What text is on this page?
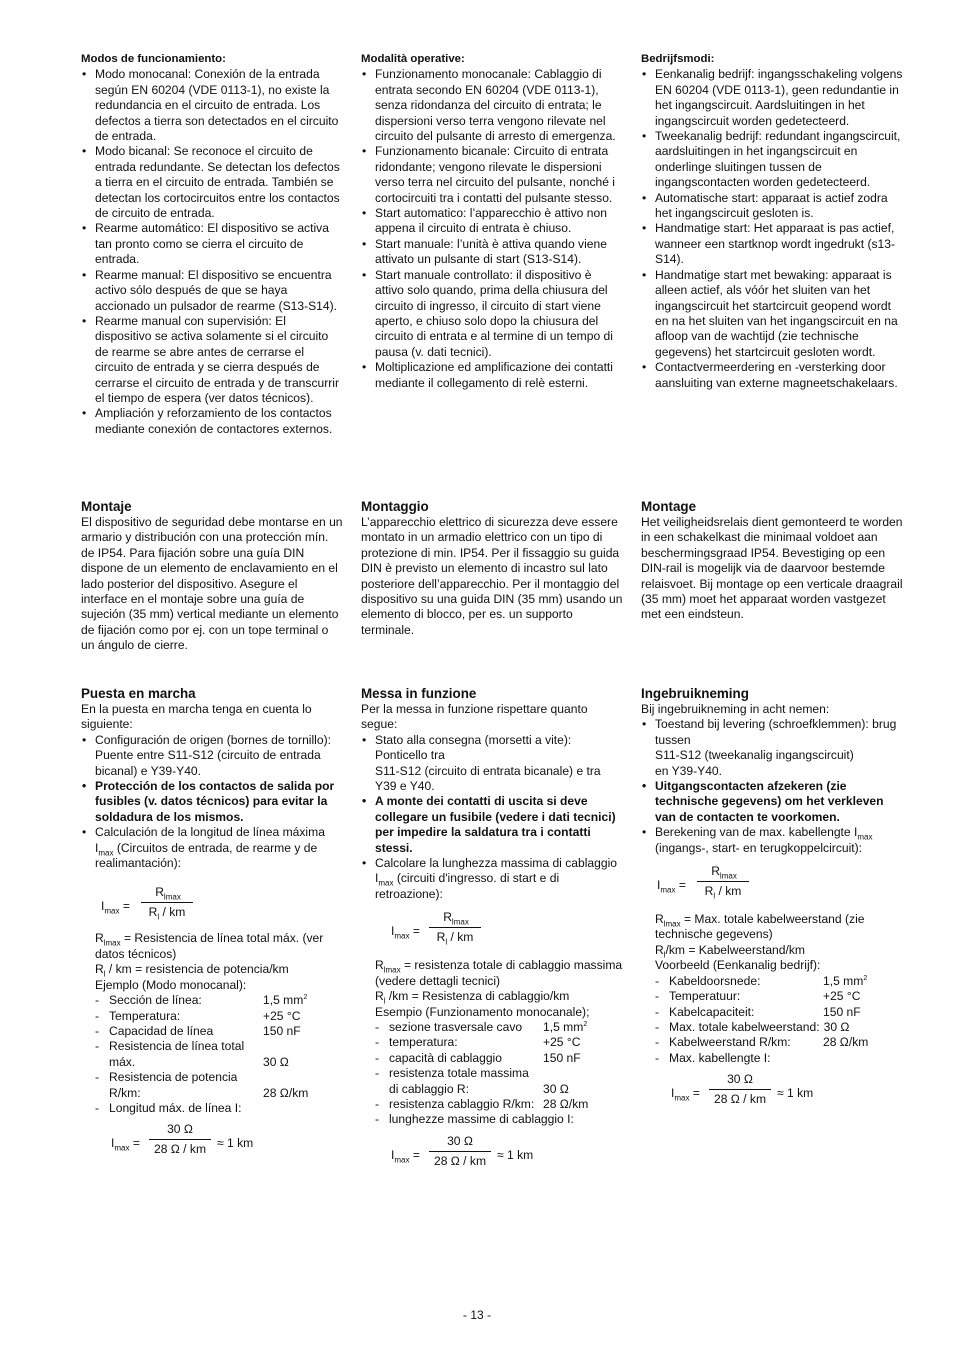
Modos de funcionamiento:

• Modo monocanal: Conexión de la entrada según EN 60204 (VDE 0113-1), no existe la redundancia en el circuito de entrada. Los defectos a tierra son detectados en el circuito de entrada.
• Modo bicanal: Se reconoce el circuito de entrada redundante. Se detectan los defectos a tierra en el circuito de entrada. También se detectan los cortocircuitos entre los contactos de circuito de entrada.
• Rearme automático: El dispositivo se activa tan pronto como se cierra el circuito de entrada.
• Rearme manual: El dispositivo se encuentra activo sólo después de que se haya accionado un pulsador de rearme (S13-S14).
• Rearme manual con supervisión: El dispositivo se activa solamente si el circuito de rearme se abre antes de cerrarse el circuito de entrada y se cierra después de cerrarse el circuito de entrada y de transcurrir el tiempo de espera (ver datos técnicos).
• Ampliación y reforzamiento de los contactos mediante conexión de contactores externos.

Montaje

El dispositivo de seguridad debe montarse en un armario y distribución con una protección mín. de IP54. Para fijación sobre una guía DIN dispone de un elemento de enclavamiento en el lado posterior del dispositivo. Asegure el interface en el montaje sobre una guía de sujeción (35 mm) vertical mediante un elemento de fijación como por ej. con un tope terminal o un ángulo de cierre.

Puesta en marcha

En la puesta en marcha tenga en cuenta lo siguiente:

• Configuración de origen (bornes de tornillo): Puente entre S11-S12 (circuito de entrada bicanal) e Y39-Y40.
• Protección de los contactos de salida por fusibles (v. datos técnicos) para evitar la soldadura de los mismos.
• Calculación de la longitud de línea máxima $I_{max}$ (Circuitos de entrada, de rearme y de realimantación):
$I_{max}$ =
$R_{lmax}$
$R_l$ / km

$R_{lmax}$ = Resistencia de línea total máx. (ver datos técnicos)

$R_l$ / km = resistencia de potencia/km

Ejemplo (Modo monocanal):

- Sección de línea:	1,5 $mm^2$
- Temperatura:	+25 °C
- Capacidad de línea	150 nF
- Resistencia de línea total
máx.	30 Ω
- Resistencia de potencia
R/km:	28 Ω/km
- Longitud máx. de línea I:
$I_{max}$ =
30 Ω
28 Ω / km ≈ 1 km

Modalità operative:

• Funzionamento monocanale: Cablaggio di entrata secondo EN 60204 (VDE 0113-1), senza ridondanza del circuito di entrata; le dispersioni verso terra vengono rilevate nel circuito del pulsante di arresto di emergenza.
• Funzionamento bicanale: Circuito di entrata ridondante; vengono rilevate le dispersioni verso terra nel circuito del pulsante, nonché i cortocircuiti tra i contatti del pulsante stesso.
• Start automatico: l’apparecchio è attivo non appena il circuito di entrata è chiuso.
• Start manuale: l’unità è attiva quando viene attivato un pulsante di start (S13-S14).
• Start manuale controllato: il dispositivo è attivo solo quando, prima della chiusura del circuito di ingresso, il circuito di start viene aperto, e chiuso solo dopo la chiusura del circuito di entrata e al termine di un tempo di pausa (v. dati tecnici).
• Moltiplicazione ed amplificazione dei contatti mediante il collegamento di relè esterni.

Montaggio

L’apparecchio elettrico di sicurezza deve essere montato in un armadio elettrico con un tipo di protezione di min. IP54. Per il fissaggio su guida DIN è previsto un elemento di incastro sul lato posteriore dell’apparecchio. Per il montaggio del dispositivo su una guida DIN (35 mm) usando un elemento di blocco, per es. un supporto terminale.

Messa in funzione

Per la messa in funzione rispettare quanto segue:

• Stato alla consegna (morsetti a vite): Ponticello tra
S11-S12 (circuito di entrata bicanale) e tra Y39 e Y40.
• A monte dei contatti di uscita si deve collegare un fusibile (vedere i dati tecnici) per impedire la saldatura tra i contatti stessi.
• Calcolare la lunghezza massima di cablaggio $I_{max}$ (circuiti d'ingresso. di start e di retroazione):
$I_{max}$ =
$R_{lmax}$
$R_l$ / km

$R_{lmax}$ = resistenza totale di cablaggio massima (vedere dettagli tecnici)

$R_l$ /km = Resistenza di cablaggio/km

Esempio (Funzionamento monocanale);

- sezione trasversale cavo	1,5 $mm^2$
- temperatura:	+25 °C
- capacità di cablaggio	150 nF
- resistenza totale massima
di cablaggio R:	30 Ω
- resistenza cablaggio R/km: 28 Ω/km
- lunghezze massime di cablaggio I:
$I_{max}$ =
30 Ω
28 Ω / km ≈ 1 km

Bedrijfsmodi:

• Eenkanalig bedrijf: ingangsschakeling volgens EN 60204 (VDE 0113-1), geen redundantie in het ingangscircuit. Aardsluitingen in het ingangscircuit worden gedetecteerd.
• Tweekanalig bedrijf: redundant ingangscircuit, aardsluitingen in het ingangscircuit en onderlinge sluitingen tussen de ingangscontacten worden gedetecteerd.
• Automatische start: apparaat is actief zodra het ingangscircuit gesloten is.
• Handmatige start: Het apparaat is pas actief, wanneer een startknop wordt ingedrukt (s13-S14).
• Handmatige start met bewaking: apparaat is alleen actief, als vóór het sluiten van het ingangscircuit het startcircuit geopend wordt en na het sluiten van het ingangscircuit en na afloop van de wachtijd (zie technische gegevens) het startcircuit gesloten wordt.
• Contactvermeerdering en -versterking door aansluiting van externe magneetschakelaars.

Montage

Het veiligheidsrelais dient gemonteerd te worden in een schakelkast die minimaal voldoet aan beschermingsgraad IP54. Bevestiging op een DIN-rail is mogelijk via de daarvoor bestemde relaisvoet. Bij montage op een verticale draagrail (35 mm) moet het apparaat worden vastgezet met een eindsteun.

Ingebruikneming

Bij ingebruikneming in acht nemen:

• Toestand bij levering (schroefklemmen): brug tussen
S11-S12 (tweekanalig ingangscircuit)
en Y39-Y40.
• Uitgangscontacten afzekeren (zie technische gegevens) om het verkleven van de contacten te voorkomen.
• Berekening van de max. kabellengte $I_{max}$ (ingangs-, start- en terugkoppelcircuit):
$I_{max}$ =
$R_{lmax}$
$R_l$ / km

$R_{lmax}$ = Max. totale kabelweerstand (zie technische gegevens)

$R_l/km$ = Kabelweerstand/km

Voorbeeld (Eenkanalig bedrijf):

- Kabeldoorsnede:	1,5 $mm^2$
- Temperatuur:	+25 °C
- Kabelcapaciteit:	150 nF
- Max. totale kabelweerstand: 30 Ω
- Kabelweerstand R/km:	28 Ω/km
- Max. kabellengte I:
$I_{max}$ =
30 Ω
28 Ω / km ≈ 1 km
- 13 -
